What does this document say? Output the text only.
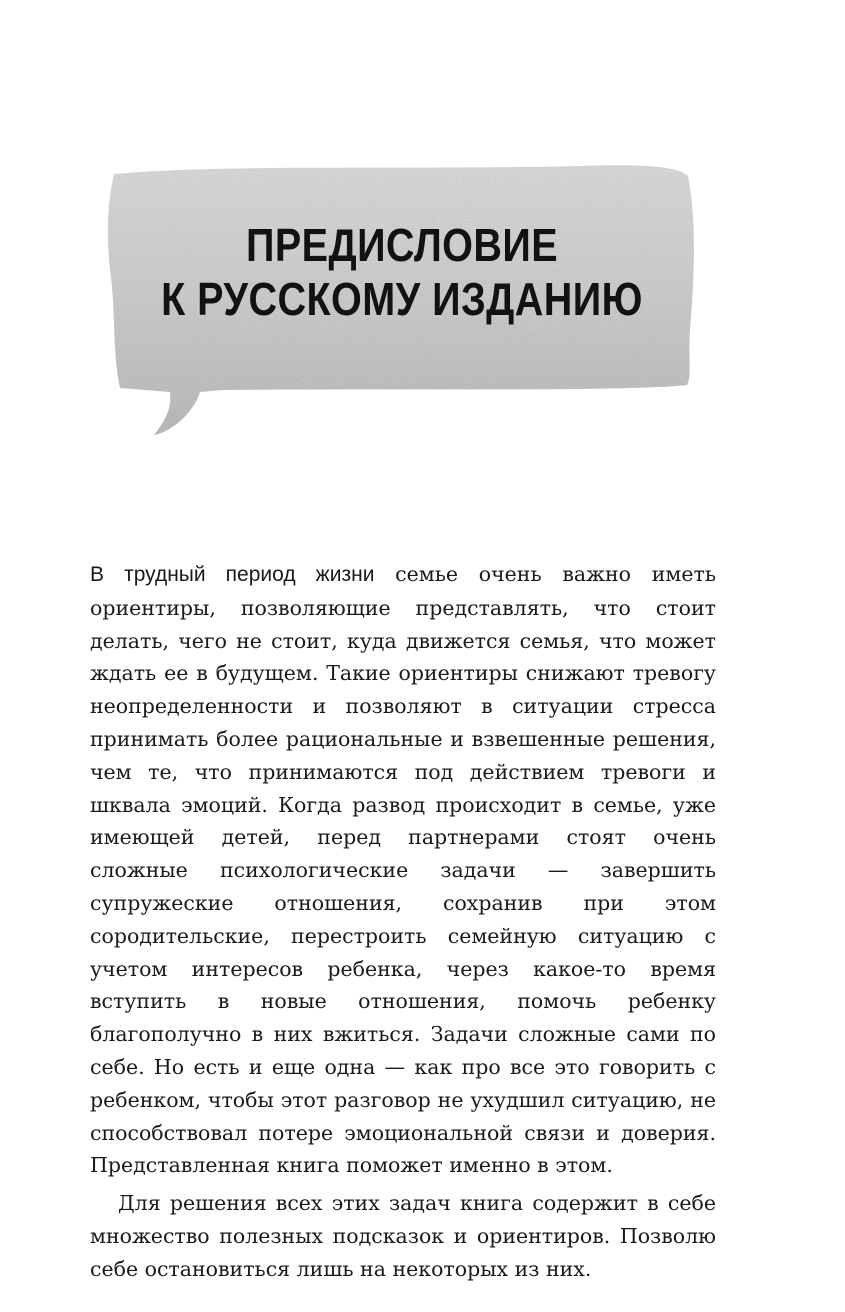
ПРЕДИСЛОВИЕ
К РУССКОМУ ИЗДАНИЮ

В трудный период жизни семье очень важно иметь ориентиры, позволяющие представлять, что стоит делать, чего не стоит, куда движется семья, что может ждать ее в будущем. Такие ориентиры снижают тревогу неопределенности и позволяют в ситуации стресса принимать более рациональные и взвешенные решения, чем те, что принимаются под действием тревоги и шквала эмоций. Когда развод происходит в семье, уже имеющей детей, перед партнерами стоят очень сложные психологические задачи — завершить супружеские отношения, сохранив при этом сородительские, перестроить семейную ситуацию с учетом интересов ребенка, через какое-то время вступить в новые отношения, помочь ребенку благополучно в них вжиться. Задачи сложные сами по себе. Но есть и еще одна — как про все это говорить с ребенком, чтобы этот разговор не ухудшил ситуацию, не способствовал потере эмоциональной связи и доверия. Представленная книга поможет именно в этом.

Для решения всех этих задач книга содержит в себе множество полезных подсказок и ориентиров. Позволю себе остановиться лишь на некоторых из них.
